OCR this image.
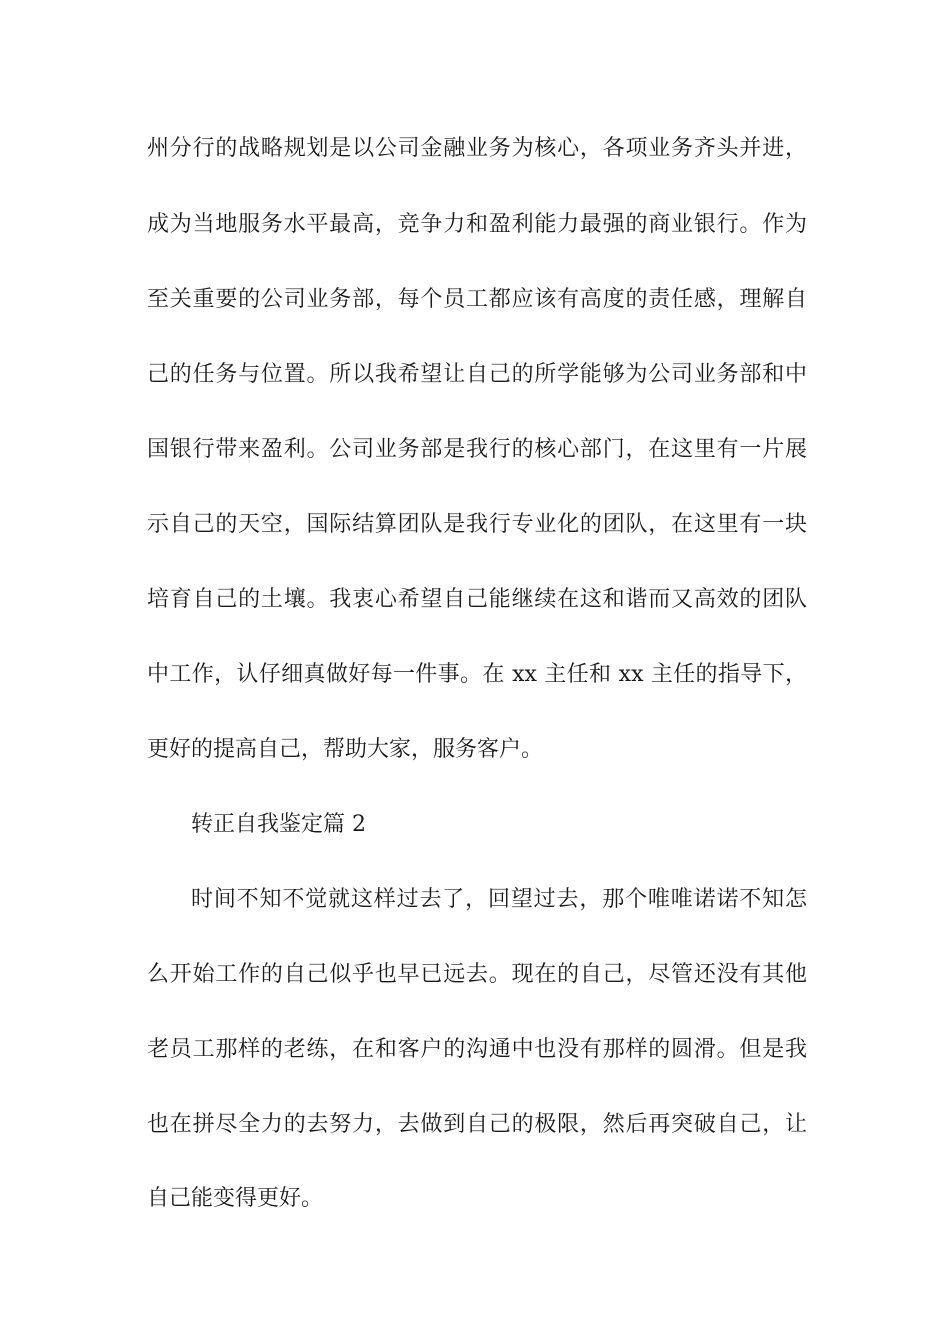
州分行的战略规划是以公司金融业务为核心，各项业务齐头并进，
成为当地服务水平最高，竞争力和盈利能力最强的商业银行。作为
至关重要的公司业务部，每个员工都应该有高度的责任感，理解自
己的任务与位置。所以我希望让自己的所学能够为公司业务部和中
国银行带来盈利。公司业务部是我行的核心部门，在这里有一片展
示自己的天空，国际结算团队是我行专业化的团队，在这里有一块
培育自己的土壤。我衷心希望自己能继续在这和谐而又高效的团队
中工作，认仔细真做好每一件事。在 xx 主任和 xx 主任的指导下，
更好的提高自己，帮助大家，服务客户。
转正自我鉴定篇 2
时间不知不觉就这样过去了，回望过去，那个唯唯诺诺不知怎
么开始工作的自己似乎也早已远去。现在的自己，尽管还没有其他
老员工那样的老练，在和客户的沟通中也没有那样的圆滑。但是我
也在拼尽全力的去努力，去做到自己的极限，然后再突破自己，让
自己能变得更好。
